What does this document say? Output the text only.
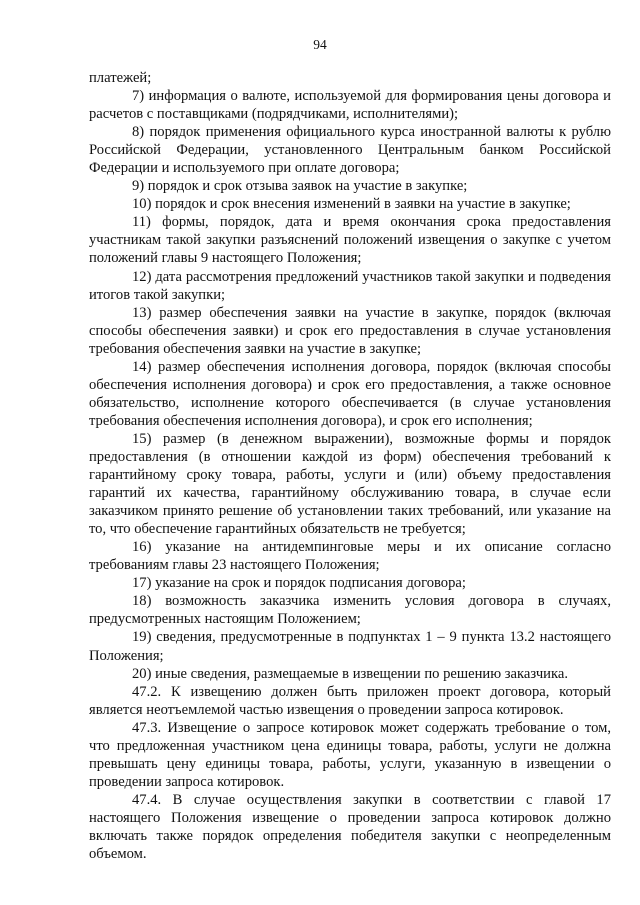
94

платежей;

7) информация о валюте, используемой для формирования цены договора и расчетов с поставщиками (подрядчиками, исполнителями);

8) порядок применения официального курса иностранной валюты к рублю Российской Федерации, установленного Центральным банком Российской Федерации и используемого при оплате договора;

9) порядок и срок отзыва заявок на участие в закупке;

10) порядок и срок внесения изменений в заявки на участие в закупке;

11) формы, порядок, дата и время окончания срока предоставления участникам такой закупки разъяснений положений извещения о закупке с учетом положений главы 9 настоящего Положения;

12) дата рассмотрения предложений участников такой закупки и подведения итогов такой закупки;

13) размер обеспечения заявки на участие в закупке, порядок (включая способы обеспечения заявки) и срок его предоставления в случае установления требования обеспечения заявки на участие в закупке;

14) размер обеспечения исполнения договора, порядок (включая способы обеспечения исполнения договора) и срок его предоставления, а также основное обязательство, исполнение которого обеспечивается (в случае установления требования обеспечения исполнения договора), и срок его исполнения;

15) размер (в денежном выражении), возможные формы и порядок предоставления (в отношении каждой из форм) обеспечения требований к гарантийному сроку товара, работы, услуги и (или) объему предоставления гарантий их качества, гарантийному обслуживанию товара, в случае если заказчиком принято решение об установлении таких требований, или указание на то, что обеспечение гарантийных обязательств не требуется;

16) указание на антидемпинговые меры и их описание согласно требованиям главы 23 настоящего Положения;

17) указание на срок и порядок подписания договора;

18) возможность заказчика изменить условия договора в случаях, предусмотренных настоящим Положением;

19) сведения, предусмотренные в подпунктах 1 – 9 пункта 13.2 настоящего Положения;

20) иные сведения, размещаемые в извещении по решению заказчика.

47.2. К извещению должен быть приложен проект договора, который является неотъемлемой частью извещения о проведении запроса котировок.

47.3. Извещение о запросе котировок может содержать требование о том, что предложенная участником цена единицы товара, работы, услуги не должна превышать цену единицы товара, работы, услуги, указанную в извещении о проведении запроса котировок.

47.4. В случае осуществления закупки в соответствии с главой 17 настоящего Положения извещение о проведении запроса котировок должно включать также порядок определения победителя закупки с неопределенным объемом.
